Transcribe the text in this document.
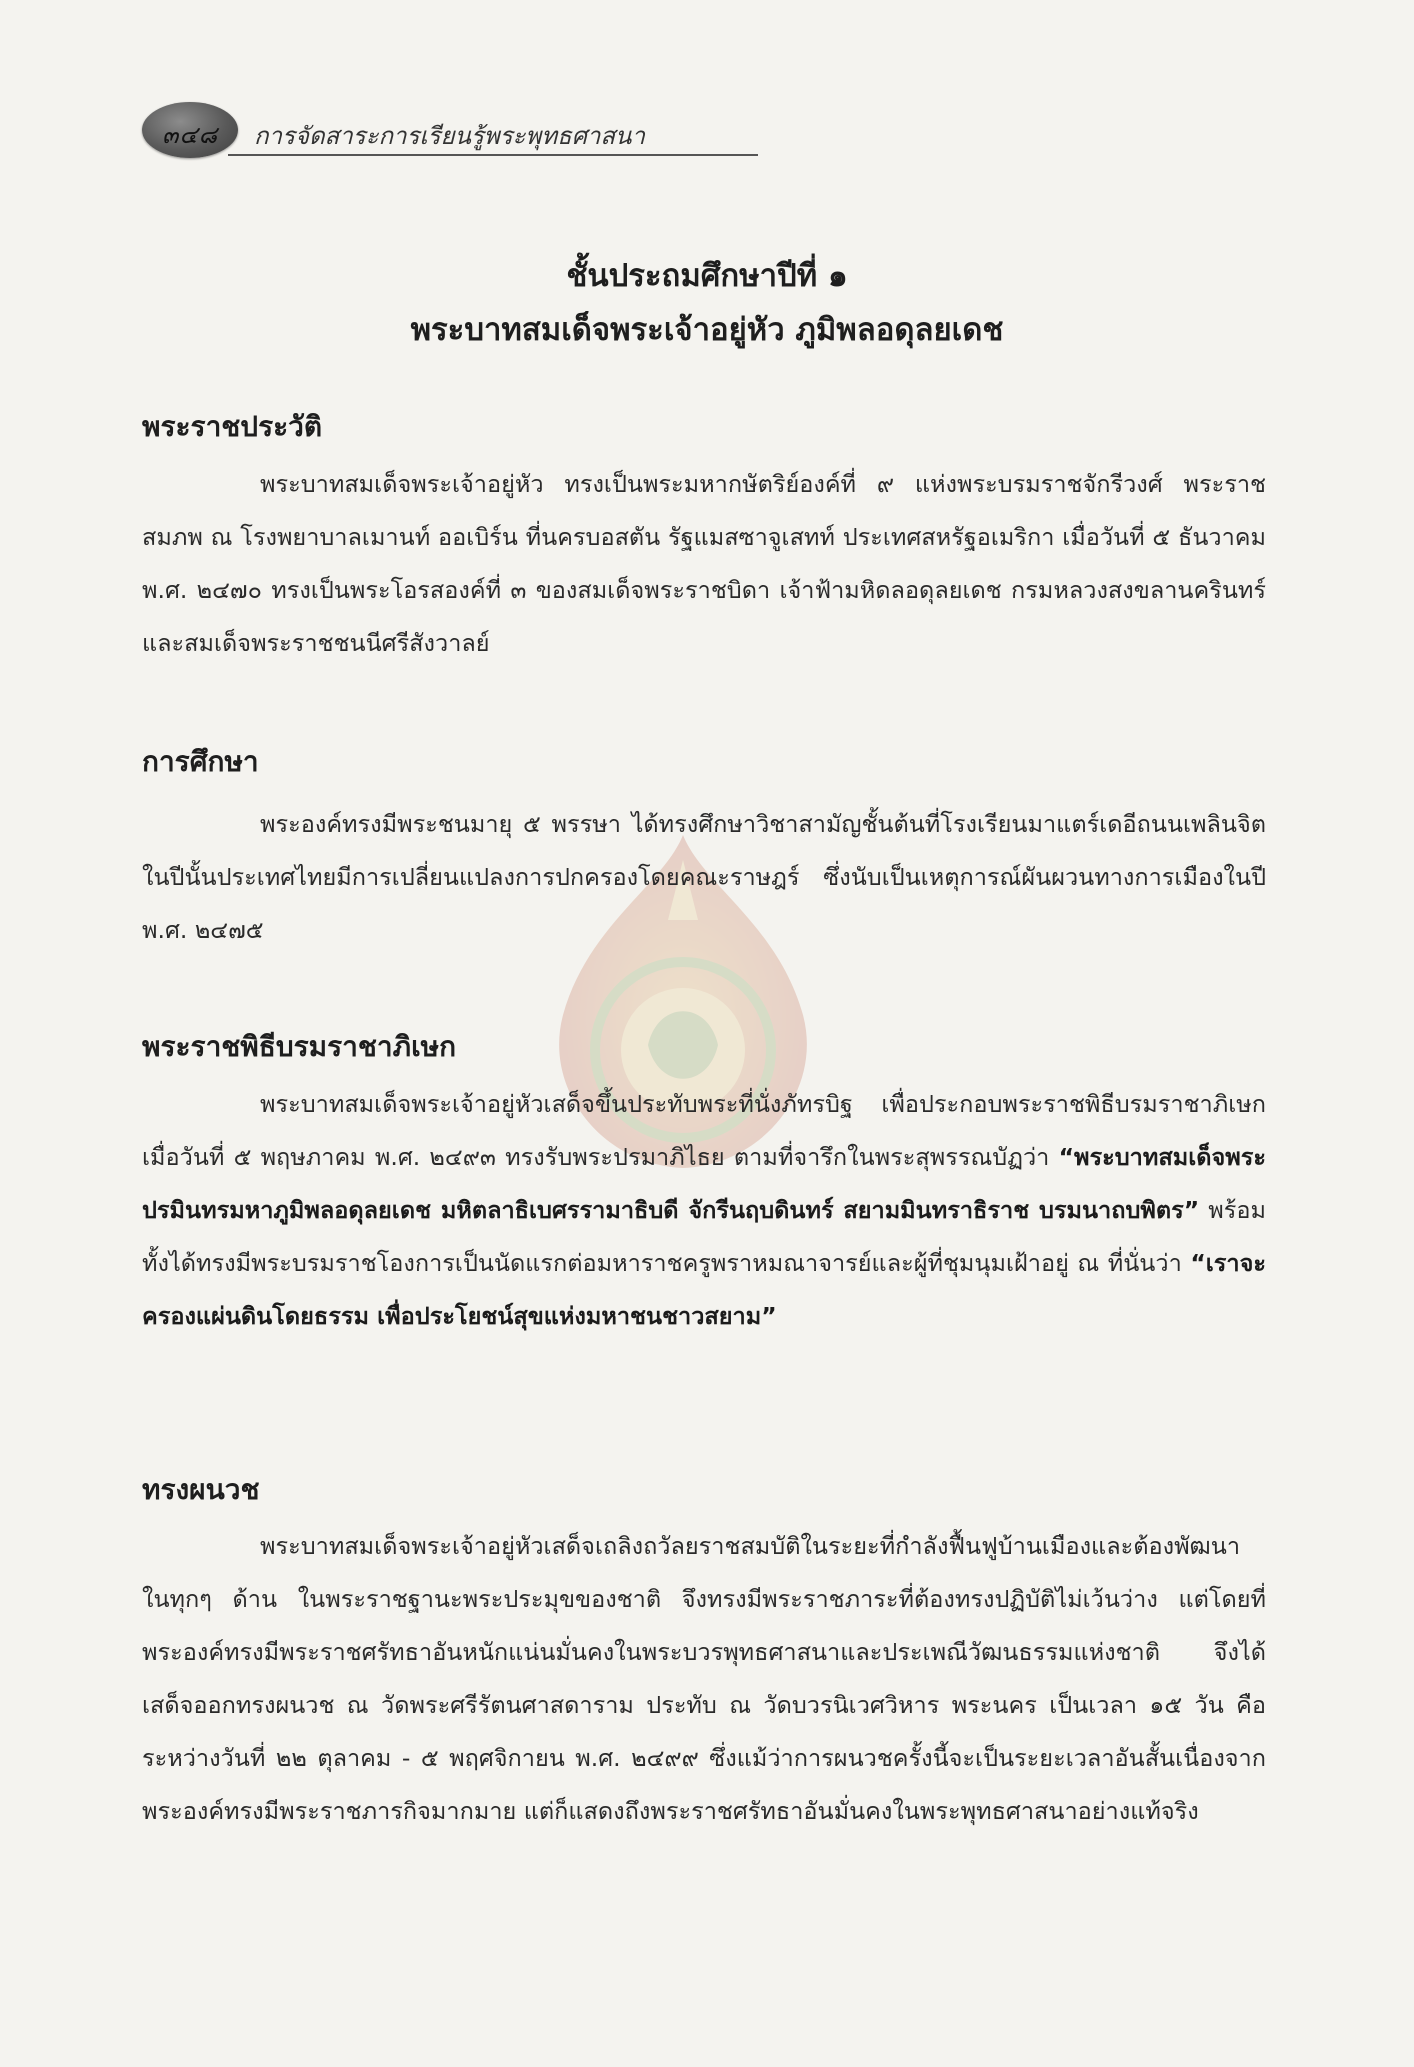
๓๔๘	การจัดสาระการเรียนรู้พระพุทธศาสนา
ชั้นประถมศึกษาปีที่ ๑
พระบาทสมเด็จพระเจ้าอยู่หัว ภูมิพลอดุลยเดช
พระราชประวัติ
พระบาทสมเด็จพระเจ้าอยู่หัว ทรงเป็นพระมหากษัตริย์องค์ที่ ๙ แห่งพระบรมราชจักรีวงศ์ พระราชสมภพ ณ โรงพยาบาลเมานท์ ออเบิร์น ที่นครบอสตัน รัฐแมสซาจูเสทท์ ประเทศสหรัฐอเมริกา เมื่อวันที่ ๕ ธันวาคม พ.ศ. ๒๔๗๐ ทรงเป็นพระโอรสองค์ที่ ๓ ของสมเด็จพระราชบิดา เจ้าฟ้ามหิดลอดุลยเดช กรมหลวงสงขลานครินทร์ และสมเด็จพระราชชนนีศรีสังวาลย์
การศึกษา
พระองค์ทรงมีพระชนมายุ ๕ พรรษา ได้ทรงศึกษาวิชาสามัญชั้นต้นที่โรงเรียนมาแตร์เดอีถนนเพลินจิต ในปีนั้นประเทศไทยมีการเปลี่ยนแปลงการปกครองโดยคณะราษฎร์ ซึ่งนับเป็นเหตุการณ์ผันผวนทางการเมืองในปี พ.ศ. ๒๔๗๕
พระราชพิธีบรมราชาภิเษก
พระบาทสมเด็จพระเจ้าอยู่หัวเสด็จขึ้นประทับพระที่นั่งภัทรบิฐ เพื่อประกอบพระราชพิธีบรมราชาภิเษก เมื่อวันที่ ๕ พฤษภาคม พ.ศ. ๒๔๙๓ ทรงรับพระปรมาภิไธย ตามที่จารึกในพระสุพรรณบัฏว่า “พระบาทสมเด็จพระปรมินทรมหาภูมิพลอดุลยเดช มหิตลาธิเบศรรามาธิบดี จักรีนฤบดินทร์ สยามมินทราธิราช บรมนาถบพิตร” พร้อมทั้งได้ทรงมีพระบรมราชโองการเป็นนัดแรกต่อมหาราชครูพราหมณาจารย์และผู้ที่ชุมนุมเฝ้าอยู่ ณ ที่นั่นว่า “เราจะครองแผ่นดินโดยธรรม เพื่อประโยชน์สุขแห่งมหาชนชาวสยาม”
ทรงผนวช
พระบาทสมเด็จพระเจ้าอยู่หัวเสด็จเถลิงถวัลยราชสมบัติในระยะที่กำลังฟื้นฟูบ้านเมืองและต้องพัฒนาในทุกๆ ด้าน ในพระราชฐานะพระประมุขของชาติ จึงทรงมีพระราชภาระที่ต้องทรงปฏิบัติไม่เว้นว่าง แต่โดยที่พระองค์ทรงมีพระราชศรัทธาอันหนักแน่นมั่นคงในพระบวรพุทธศาสนาและประเพณีวัฒนธรรมแห่งชาติ จึงได้เสด็จออกทรงผนวช ณ วัดพระศรีรัตนศาสดาราม ประทับ ณ วัดบวรนิเวศวิหาร พระนคร เป็นเวลา ๑๕ วัน คือระหว่างวันที่ ๒๒ ตุลาคม - ๕ พฤศจิกายน พ.ศ. ๒๔๙๙ ซึ่งแม้ว่าการผนวชครั้งนี้จะเป็นระยะเวลาอันสั้นเนื่องจากพระองค์ทรงมีพระราชภารกิจมากมาย แต่ก็แสดงถึงพระราชศรัทธาอันมั่นคงในพระพุทธศาสนาอย่างแท้จริง
